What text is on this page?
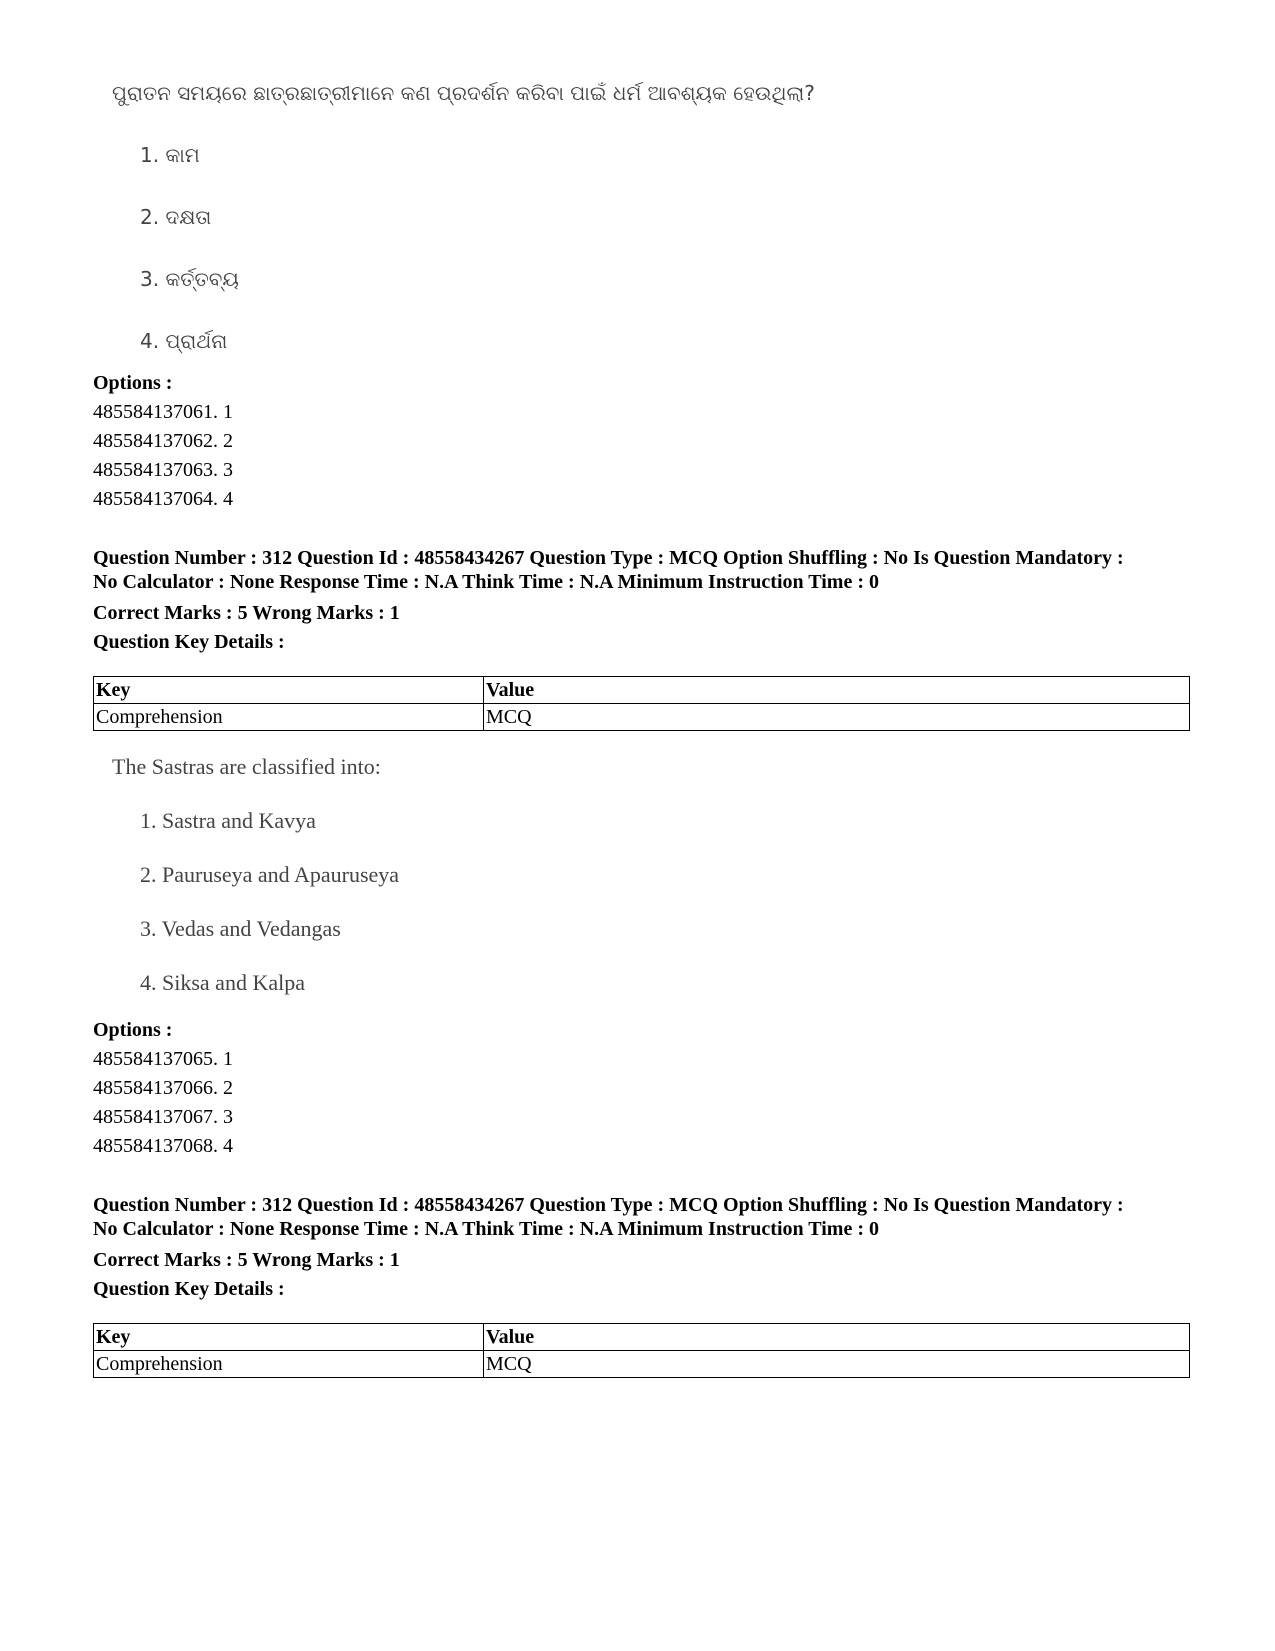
ପୁରାତନ ସମୟରେ ଛାତ୍ରଛାତ୍ରୀମାନେ କଣ ପ୍ରଦର୍ଶନ କରିବା ପାଇଁ ଧର୍ମ ଆବଶ୍ୟକ ହେଉଥିଲା?
1. କାମ
2. ଦକ୍ଷତା
3. କର୍ତ୍ତବ୍ୟ
4. ପ୍ରାର୍ଥନା
Options :
485584137061. 1
485584137062. 2
485584137063. 3
485584137064. 4
Question Number : 312 Question Id : 48558434267 Question Type : MCQ Option Shuffling : No Is Question Mandatory :
No Calculator : None Response Time : N.A Think Time : N.A Minimum Instruction Time : 0
Correct Marks : 5 Wrong Marks : 1
Question Key Details :
Key	Value
Comprehension	MCQ
The Sastras are classified into:
1. Sastra and Kavya
2. Pauruseya and Apauruseya
3. Vedas and Vedangas
4. Siksa and Kalpa
Options :
485584137065. 1
485584137066. 2
485584137067. 3
485584137068. 4
Question Number : 312 Question Id : 48558434267 Question Type : MCQ Option Shuffling : No Is Question Mandatory :
No Calculator : None Response Time : N.A Think Time : N.A Minimum Instruction Time : 0
Correct Marks : 5 Wrong Marks : 1
Question Key Details :
Key	Value
Comprehension	MCQ
